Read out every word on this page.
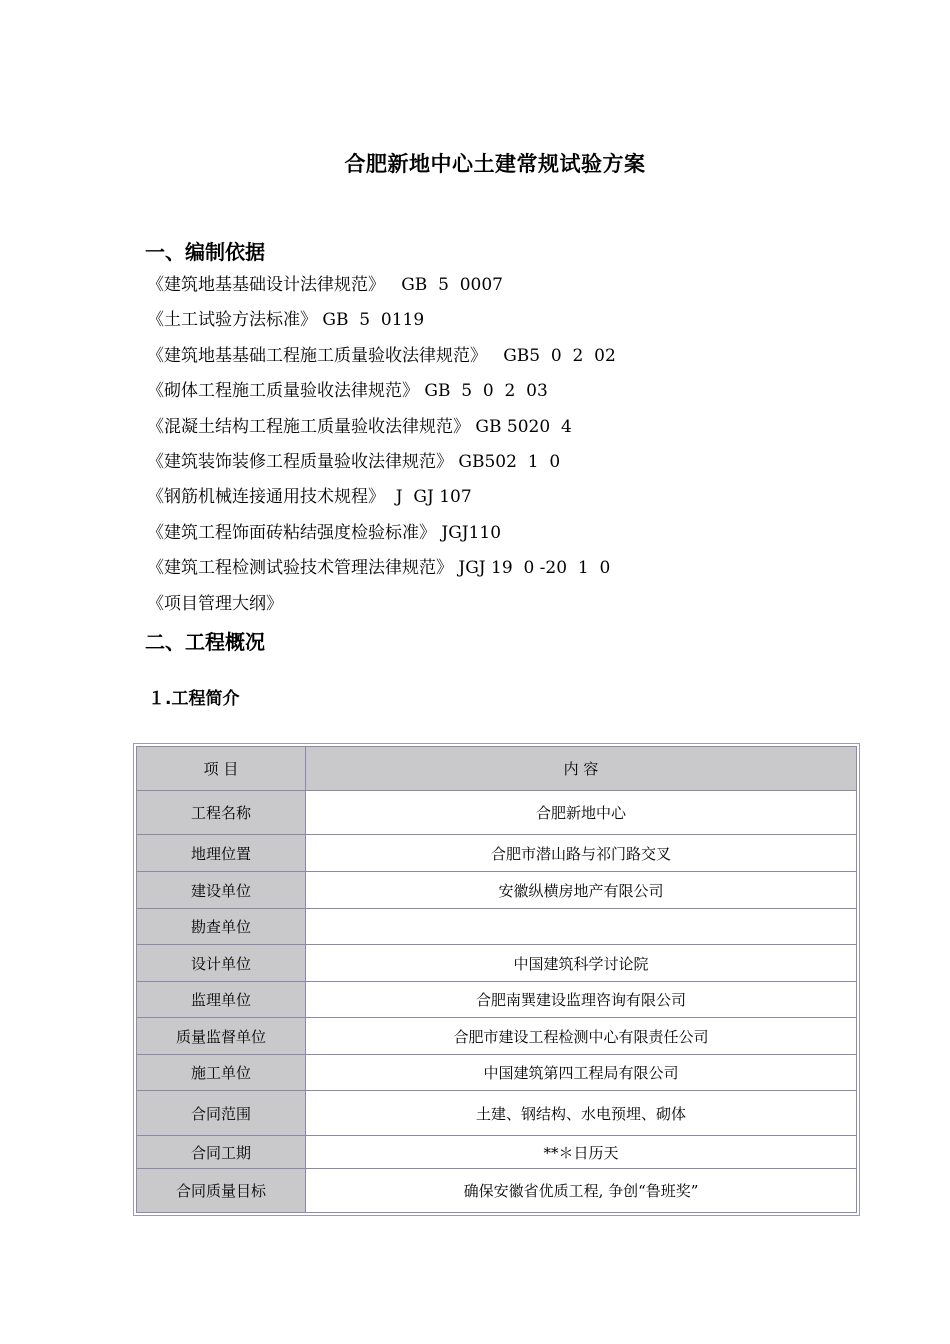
合肥新地中心土建常规试验方案
一、编制依据
《建筑地基基础设计法律规范》   GB  5  0007
《土工试验方法标准》 GB  5  0119
《建筑地基基础工程施工质量验收法律规范》   GB5  0  2  02
《砌体工程施工质量验收法律规范》 GB  5  0  2  03
《混凝土结构工程施工质量验收法律规范》 GB 5020  4
《建筑装饰装修工程质量验收法律规范》 GB502  1  0
《钢筋机械连接通用技术规程》  J  GJ 107
《建筑工程饰面砖粘结强度检验标准》 JGJ110
《建筑工程检测试验技术管理法律规范》 JGJ 19  0 -20  1  0
《项目管理大纲》
二、工程概况
１.工程简介
项 目	内 容
工程名称	合肥新地中心
地理位置	合肥市潜山路与祁门路交叉
建设单位	安徽纵横房地产有限公司
勘查单位	
设计单位	中国建筑科学讨论院
监理单位	合肥南巽建设监理咨询有限公司
质量监督单位	合肥市建设工程检测中心有限责任公司
施工单位	中国建筑第四工程局有限公司
合同范围	土建、钢结构、水电预埋、砌体
合同工期	**＊日历天
合同质量目标	确保安徽省优质工程, 争创“鲁班奖”
